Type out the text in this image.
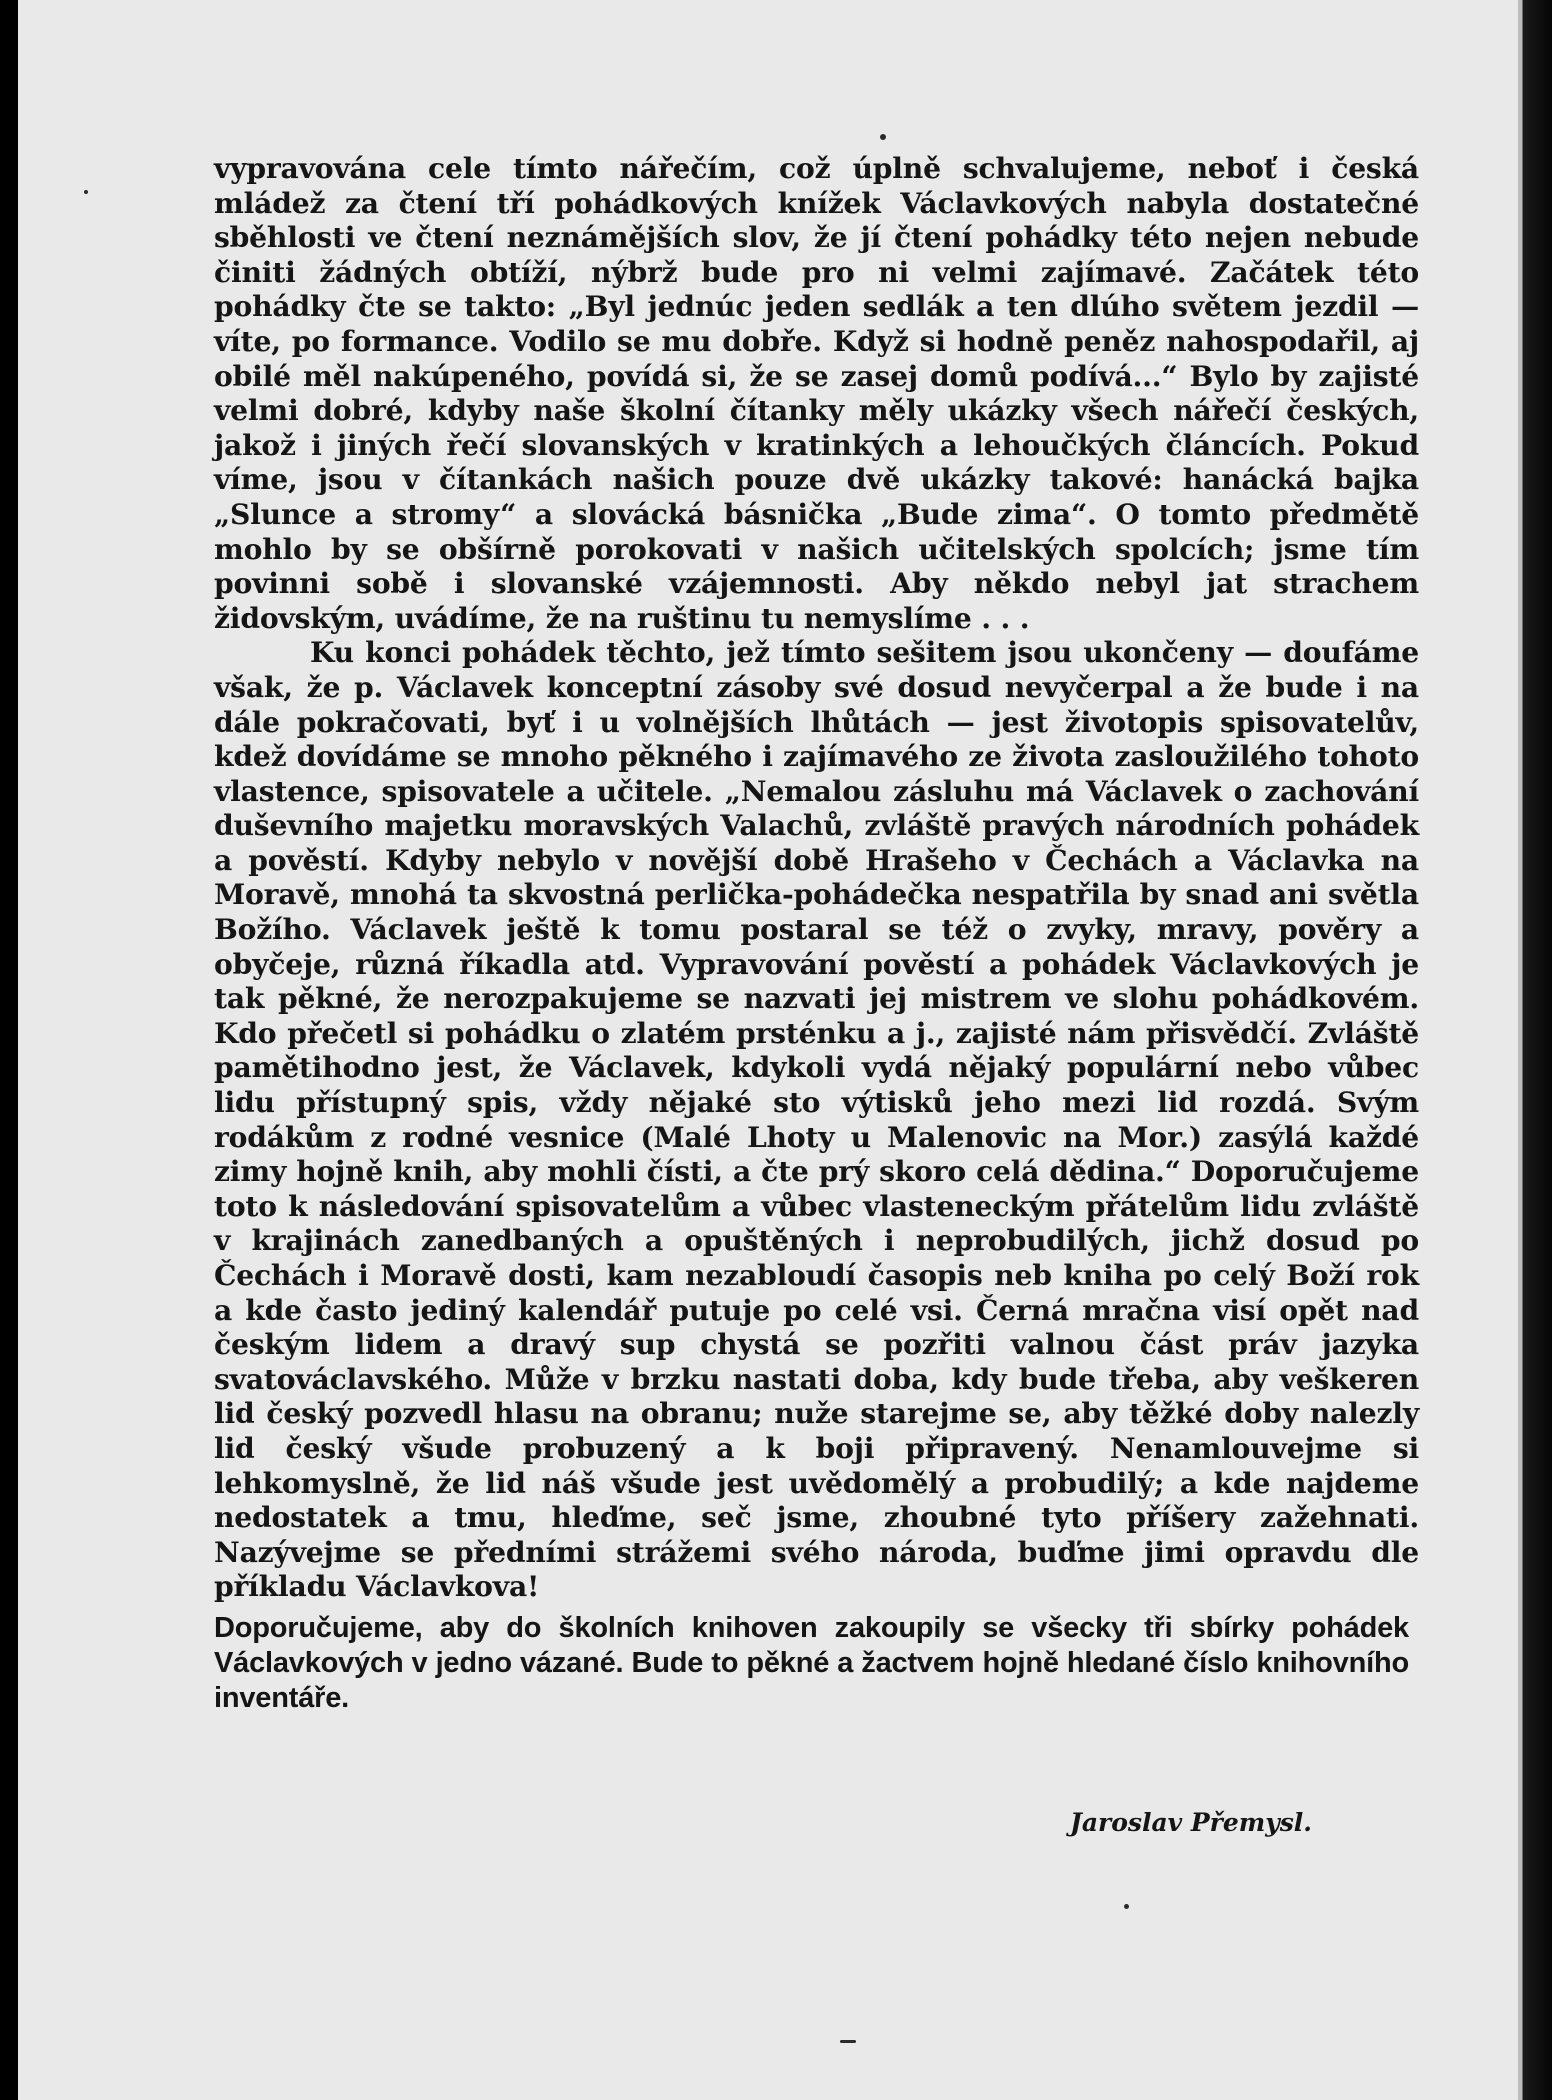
vypravována cele tímto nářečím, což úplně schvalujeme, neboť i česká mládež za čtení tří pohádkových knížek Václavkových nabyla dostatečné sběhlosti ve čtení neznámějších slov, že jí čtení pohádky této nejen nebude činiti žádných obtíží, nýbrž bude pro ni velmi zajímavé. Začátek této pohádky čte se takto: „Byl jednúc jeden sedlák a ten dlúho světem jezdil — víte, po formance. Vodilo se mu dobře. Když si hodně peněz nahospodařil, aj obilé měl nakúpeného, povídá si, že se zasej domů podívá...“ Bylo by zajisté velmi dobré, kdyby naše školní čítanky měly ukázky všech nářečí českých, jakož i jiných řečí slovanských v kratinkých a lehoučkých článcích. Pokud víme, jsou v čítankách našich pouze dvě ukázky takové: hanácká bajka „Slunce a stromy“ a slovácká básnička „Bude zima“. O tomto předmětě mohlo by se obšírně porokovati v našich učitelských spolcích; jsme tím povinni sobě i slovanské vzájemnosti. Aby někdo nebyl jat strachem židovským, uvádíme, že na ruštinu tu nemyslíme . . .

Ku konci pohádek těchto, jež tímto sešitem jsou ukončeny — doufáme však, že p. Václavek konceptní zásoby své dosud nevyčerpal a že bude i na dále pokračovati, byť i u volnějších lhůtách — jest životopis spisovatelův, kdež dovídáme se mnoho pěkného i zajímavého ze života zasloužilého tohoto vlastence, spisovatele a učitele. „Nemalou zásluhu má Václavek o zachování duševního majetku moravských Valachů, zvláště pravých národních pohádek a pověstí. Kdyby nebylo v novější době Hrašeho v Čechách a Václavka na Moravě, mnohá ta skvostná perlička-pohádečka nespatřila by snad ani světla Božího. Václavek ještě k tomu postaral se též o zvyky, mravy, pověry a obyčeje, různá říkadla atd. Vypravování pověstí a pohádek Václavkových je tak pěkné, že nerozpakujeme se nazvati jej mistrem ve slohu pohádkovém. Kdo přečetl si pohádku o zlatém prsténku a j., zajisté nám přisvědčí. Zvláště pamětihodno jest, že Václavek, kdykoli vydá nějaký populární nebo vůbec lidu přístupný spis, vždy nějaké sto výtisků jeho mezi lid rozdá. Svým rodákům z rodné vesnice (Malé Lhoty u Malenovic na Mor.) zasýlá každé zimy hojně knih, aby mohli čísti, a čte prý skoro celá dědina.“ Doporučujeme toto k následování spisovatelům a vůbec vlasteneckým přátelům lidu zvláště v krajinách zanedbaných a opuštěných i neprobudilých, jichž dosud po Čechách i Moravě dosti, kam nezabloudí časopis neb kniha po celý Boží rok a kde často jediný kalendář putuje po celé vsi. Černá mračna visí opět nad českým lidem a dravý sup chystá se pozřiti valnou část práv jazyka svatováclavského. Může v brzku nastati doba, kdy bude třeba, aby veškeren lid český pozvedl hlasu na obranu; nuže starejme se, aby těžké doby nalezly lid český všude probuzený a k boji připravený. Nenamlouvejme si lehkomyslně, že lid náš všude jest uvědomělý a probudilý; a kde najdeme nedostatek a tmu, hleďme, seč jsme, zhoubné tyto příšery zažehnati. Nazývejme se předními strážemi svého národa, buďme jimi opravdu dle příkladu Václavkova!

Doporučujeme, aby do školních knihoven zakoupily se všecky tři sbírky pohádek Václavkových v jedno vázané. Bude to pěkné a žactvem hojně hledané číslo knihovního inventáře.

Jaroslav Přemysl.
